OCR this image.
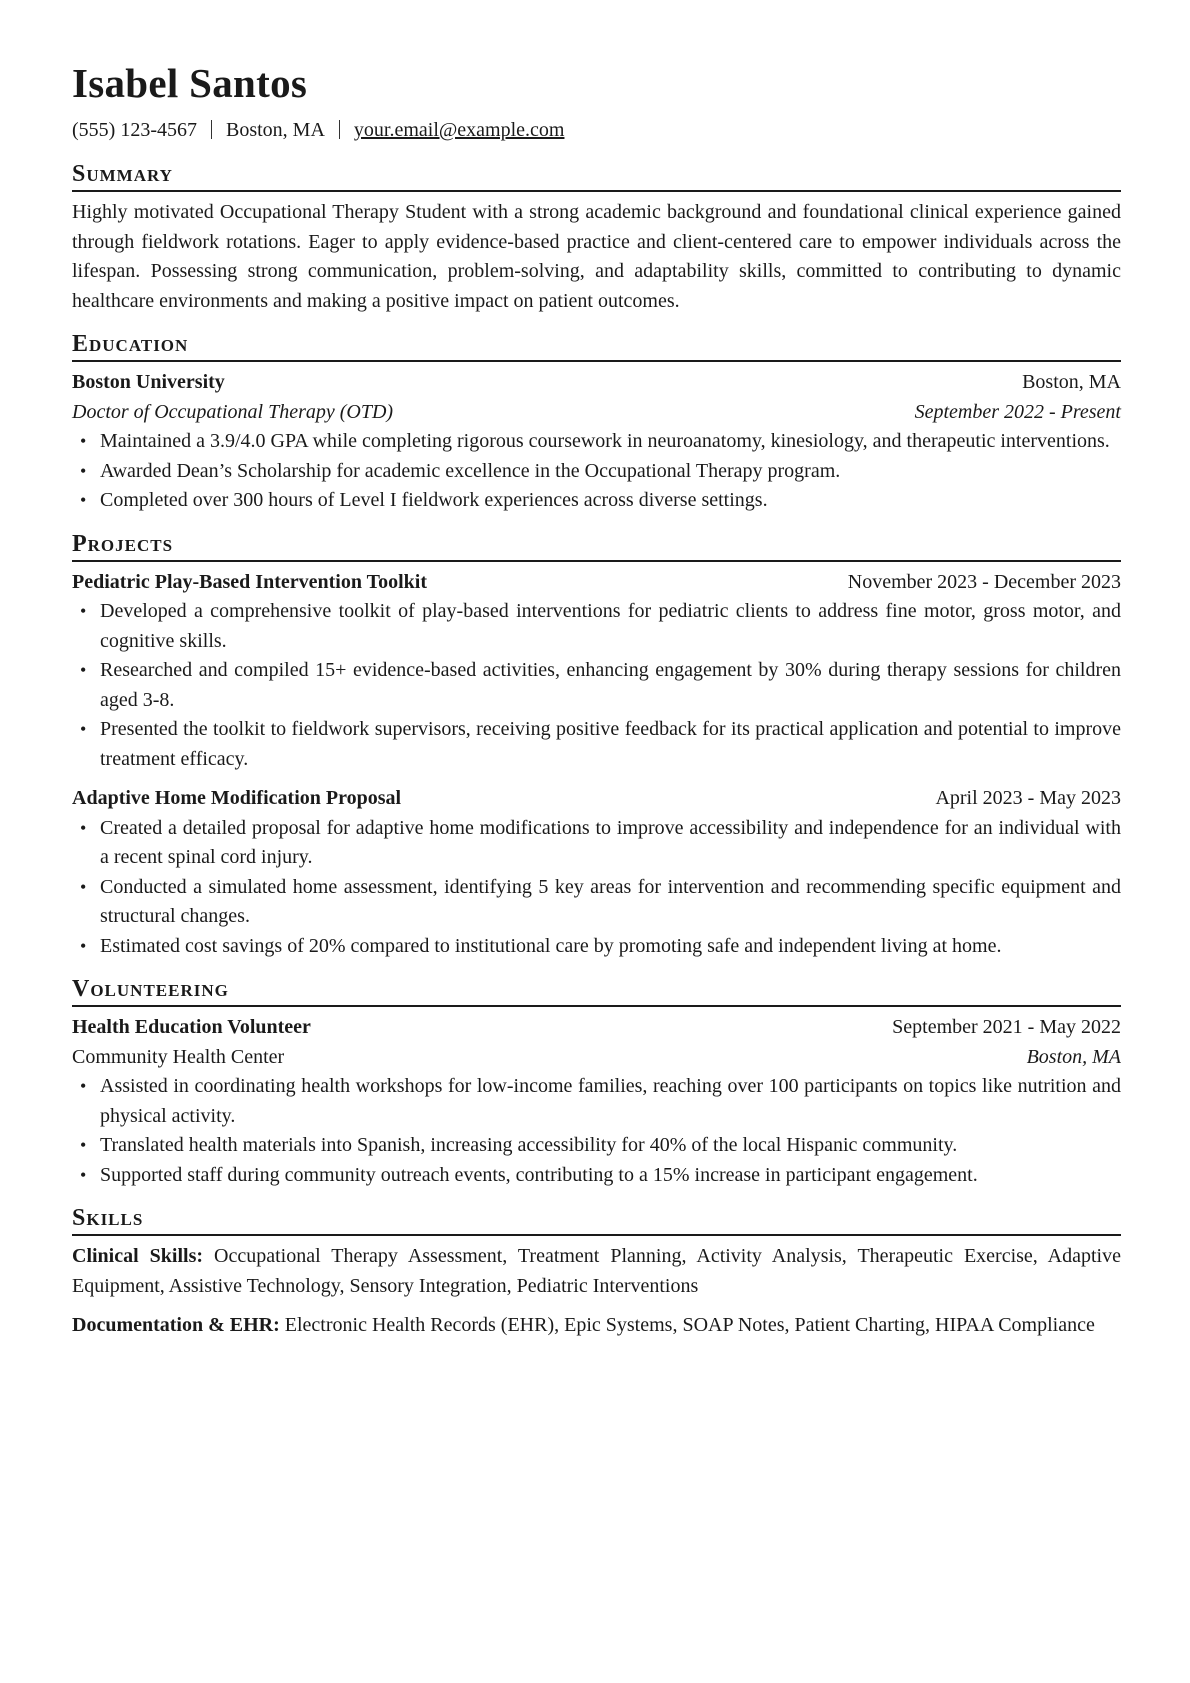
Isabel Santos
(555) 123-4567 Boston, MA your.email@example.com
Summary

Highly motivated Occupational Therapy Student with a strong academic background and foundational clinical experience gained through fieldwork rotations. Eager to apply evidence-based practice and client-centered care to empower individuals across the lifespan. Possessing strong communication, problem-solving, and adaptability skills, committed to contributing to dynamic healthcare environments and making a positive impact on patient outcomes.

Education
Boston University	Boston, MA
Doctor of Occupational Therapy (OTD)	September 2022 - Present
• Maintained a 3.9/4.0 GPA while completing rigorous coursework in neuroanatomy, kinesiology, and therapeutic interventions.
• Awarded Dean’s Scholarship for academic excellence in the Occupational Therapy program.
• Completed over 300 hours of Level I fieldwork experiences across diverse settings.
Projects
Pediatric Play-Based Intervention Toolkit	November 2023 - December 2023
• Developed a comprehensive toolkit of play-based interventions for pediatric clients to address fine motor, gross motor, and cognitive skills.
• Researched and compiled 15+ evidence-based activities, enhancing engagement by 30% during therapy sessions for children aged 3-8.
• Presented the toolkit to fieldwork supervisors, receiving positive feedback for its practical application and potential to improve treatment efficacy.
Adaptive Home Modification Proposal	April 2023 - May 2023
• Created a detailed proposal for adaptive home modifications to improve accessibility and independence for an individual with a recent spinal cord injury.
• Conducted a simulated home assessment, identifying 5 key areas for intervention and recommending specific equipment and structural changes.
• Estimated cost savings of 20% compared to institutional care by promoting safe and independent living at home.
Volunteering
Health Education Volunteer	September 2021 - May 2022
Community Health Center	Boston, MA
• Assisted in coordinating health workshops for low-income families, reaching over 100 participants on topics like nutrition and physical activity.
• Translated health materials into Spanish, increasing accessibility for 40% of the local Hispanic community.
• Supported staff during community outreach events, contributing to a 15% increase in participant engagement.
Skills
Clinical Skills: Occupational Therapy Assessment, Treatment Planning, Activity Analysis, Therapeutic Exercise, Adaptive Equipment, Assistive Technology, Sensory Integration, Pediatric Interventions
Documentation & EHR: Electronic Health Records (EHR), Epic Systems, SOAP Notes, Patient Charting, HIPAA Compliance
